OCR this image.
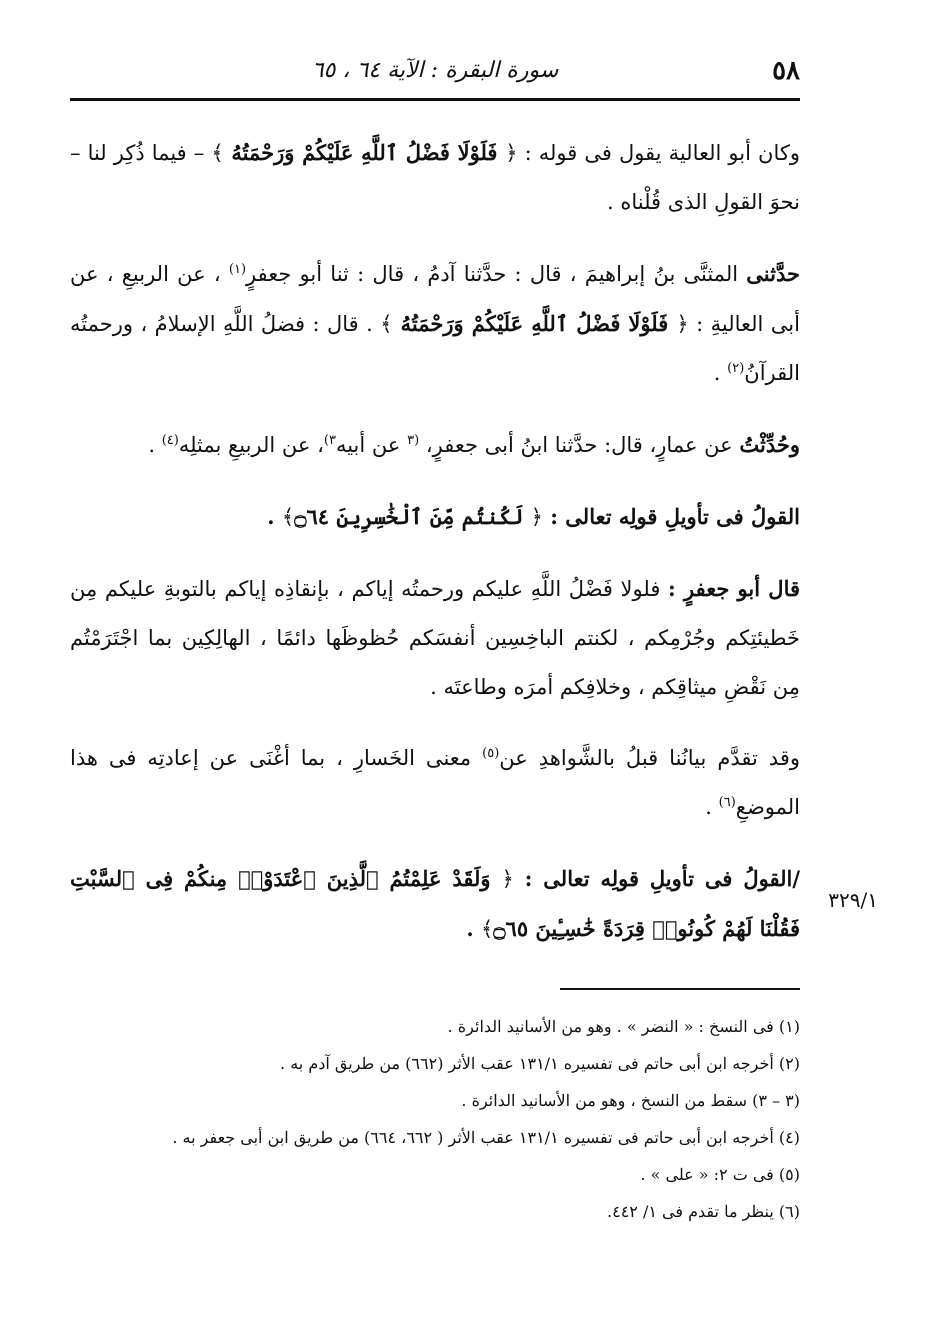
٥٨
سورة البقرة : الآية ٦٤ ، ٦٥

وكان أبو العالية يقول فى قوله : ﴿ فَلَوْلَا فَضْلُ ٱللَّهِ عَلَيْكُمْ وَرَحْمَتُهُ ﴾ – فيما ذُكِر لنا – نحوَ القولِ الذى قُلْناه .

حدَّثنى المثنَّى بنُ إبراهيمَ ، قال : حدَّثنا آدمُ ، قال : ثنا أبو جعفرٍ$^{(١)}$ ، عن الربيعِ ، عن أبى العاليةِ : ﴿ فَلَوْلَا فَضْلُ ٱللَّهِ عَلَيْكُمْ وَرَحْمَتُهُ ﴾ . قال : فضلُ اللَّهِ الإسلامُ ، ورحمتُه القرآنُ$^{(٢)}$ .

وحُدِّثْتُ عن عمارٍ، قال: حدَّثنا ابنُ أبى جعفرٍ، $^{(٣}$ عن أبيه$^{٣)}$، عن الربيعِ بمثلِه$^{(٤)}$ .

القولُ فى تأويلِ قولِه تعالى : ﴿ لَكُنتُم مِّنَ ٱلْخَٰسِرِينَ ۝٦٤﴾ .

قال أبو جعفرٍ : فلولا فَضْلُ اللَّهِ عليكم ورحمتُه إياكم ، بإنقاذِه إياكم بالتوبةِ عليكم مِن خَطيئتِكم وجُرْمِكم ، لكنتم الباخِسِين أنفسَكم حُظوظَها دائمًا ، الهالِكِين بما اجْتَرَمْتُم مِن نَقْضِ ميثاقِكم ، وخلافِكم أمرَه وطاعتَه .

وقد تقدَّم بيانُنا قبلُ بالشَّواهدِ عن$^{(٥)}$ معنى الخَسارِ ، بما أغْنَى عن إعادتِه فى هذا الموضعِ$^{(٦)}$ .

/القولُ فى تأويلِ قولِه تعالى : ﴿ وَلَقَدْ عَلِمْتُمُ ٱلَّذِينَ ٱعْتَدَوْا۟ مِنكُمْ فِى ٱلسَّبْتِ فَقُلْنَا لَهُمْ كُونُوا۟ قِرَدَةً خَٰسِـِٔينَ ۝٦٥﴾ .

٣٢٩/١

(١) فى النسخ : « النضر » . وهو من الأسانيد الدائرة .

(٢) أخرجه ابن أبى حاتم فى تفسيره ١٣١/١ عقب الأثر (٦٦٢) من طريق آدم به .

(٣ – ٣) سقط من النسخ ، وهو من الأسانيد الدائرة .

(٤) أخرجه ابن أبى حاتم فى تفسيره ١٣١/١ عقب الأثر ( ٦٦٢، ٦٦٤) من طريق ابن أبى جعفر به .

(٥) فى ت ٢: « على » .

(٦) ينظر ما تقدم فى ١/ ٤٤٢.
